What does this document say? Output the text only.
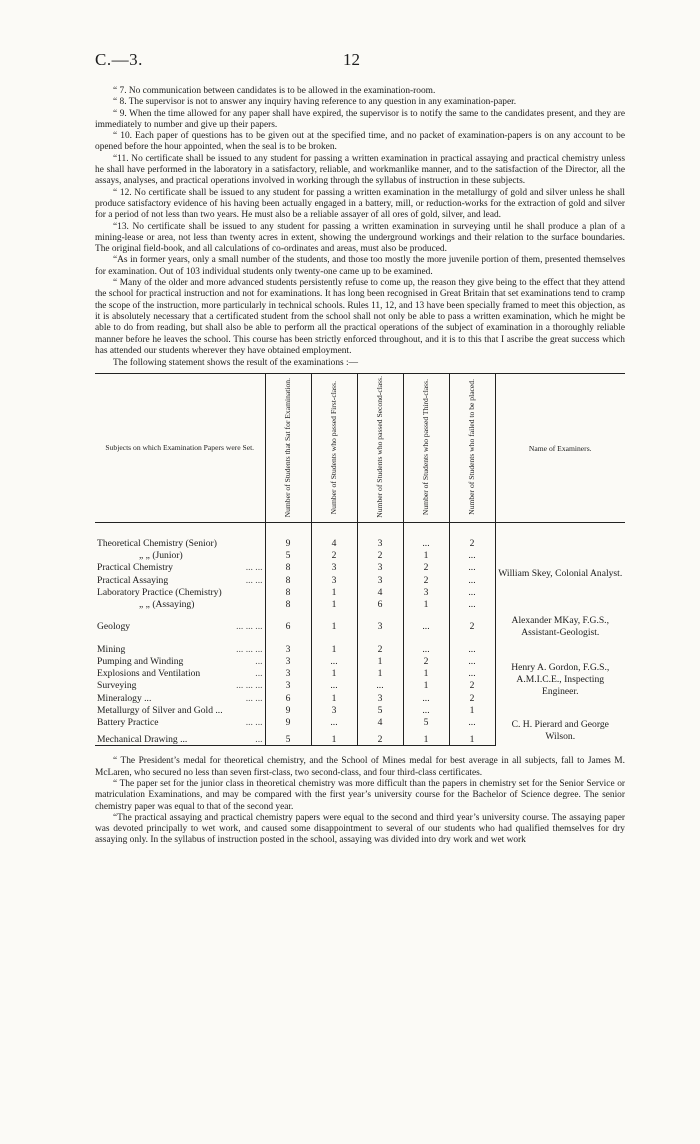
C.—3.	12

“ 7. No communication between candidates is to be allowed in the examination-room.

“ 8. The supervisor is not to answer any inquiry having reference to any question in any examination-paper.

“ 9. When the time allowed for any paper shall have expired, the supervisor is to notify the same to the candidates present, and they are immediately to number and give up their papers.

“ 10. Each paper of questions has to be given out at the specified time, and no packet of examination-papers is on any account to be opened before the hour appointed, when the seal is to be broken.

“11. No certificate shall be issued to any student for passing a written examination in practical assaying and practical chemistry unless he shall have performed in the laboratory in a satisfactory, reliable, and workmanlike manner, and to the satisfaction of the Director, all the assays, analyses, and practical operations involved in working through the syllabus of instruction in these subjects.

“ 12. No certificate shall be issued to any student for passing a written examination in the metallurgy of gold and silver unless he shall produce satisfactory evidence of his having been actually engaged in a battery, mill, or reduction-works for the extraction of gold and silver for a period of not less than two years. He must also be a reliable assayer of all ores of gold, silver, and lead.

“13. No certificate shall be issued to any student for passing a written examination in surveying until he shall produce a plan of a mining-lease or area, not less than twenty acres in extent, showing the underground workings and their relation to the surface boundaries. The original field-book, and all calculations of co-ordinates and areas, must also be produced.

“As in former years, only a small number of the students, and those too mostly the more juvenile portion of them, presented themselves for examination. Out of 103 individual students only twenty-one came up to be examined.

“ Many of the older and more advanced students persistently refuse to come up, the reason they give being to the effect that they attend the school for practical instruction and not for examinations. It has long been recognised in Great Britain that set examinations tend to cramp the scope of the instruction, more particularly in technical schools. Rules 11, 12, and 13 have been specially framed to meet this objection, as it is absolutely necessary that a certificated student from the school shall not only be able to pass a written examination, which he might be able to do from reading, but shall also be able to perform all the practical operations of the subject of examination in a thoroughly reliable manner before he leaves the school. This course has been strictly enforced throughout, and it is to this that I ascribe the great success which has attended our students wherever they have obtained employment.

The following statement shows the result of the examinations :—

Subjects on which Examination Papers were Set.	Number of Students that Sat for Examination.	Number of Students who passed First-class.	Number of Students who passed Second-class.	Number of Students who passed Third-class.	Number of Students who failed to be placed.	Name of Examiners.

Theoretical Chemistry (Senior)	9	4	3	...	2	William Skey, Colonial Analyst.

„ „ (Junior)	5	2	2	1	...	

Practical Chemistry ... ...	8	3	3	2	...	

Practical Assaying ... ...	8	3	3	2	...	

Laboratory Practice (Chemistry)	8	1	4	3	...	

„ „ (Assaying)	8	1	6	1	...	

Geology ... ... ...	6	1	3	...	2	Alexander MKay, F.G.S., Assistant-Geologist.

Mining ... ... ...	3	1	2	...	...	Henry A. Gordon, F.G.S., A.M.I.C.E., Inspecting Engineer.

Pumping and Winding ...	3	...	1	2	...	

Explosions and Ventilation ...	3	1	1	1	...	

Surveying ... ... ...	3	...	...	1	2	

Mineralogy ... ... ...	6	1	3	...	2	

Metallurgy of Silver and Gold ...	9	3	5	...	1	

Battery Practice ... ...	9	...	4	5	...	C. H. Pierard and George Wilson.

Mechanical Drawing ... ...	5	1	2	1	1	

“ The President’s medal for theoretical chemistry, and the School of Mines medal for best average in all subjects, fall to James M. McLaren, who secured no less than seven first-class, two second-class, and four third-class certificates.

“ The paper set for the junior class in theoretical chemistry was more difficult than the papers in chemistry set for the Senior Service or matriculation Examinations, and may be compared with the first year’s university course for the Bachelor of Science degree. The senior chemistry paper was equal to that of the second year.

“The practical assaying and practical chemistry papers were equal to the second and third year’s university course. The assaying paper was devoted principally to wet work, and caused some disappointment to several of our students who had qualified themselves for dry assaying only. In the syllabus of instruction posted in the school, assaying was divided into dry work and wet work
